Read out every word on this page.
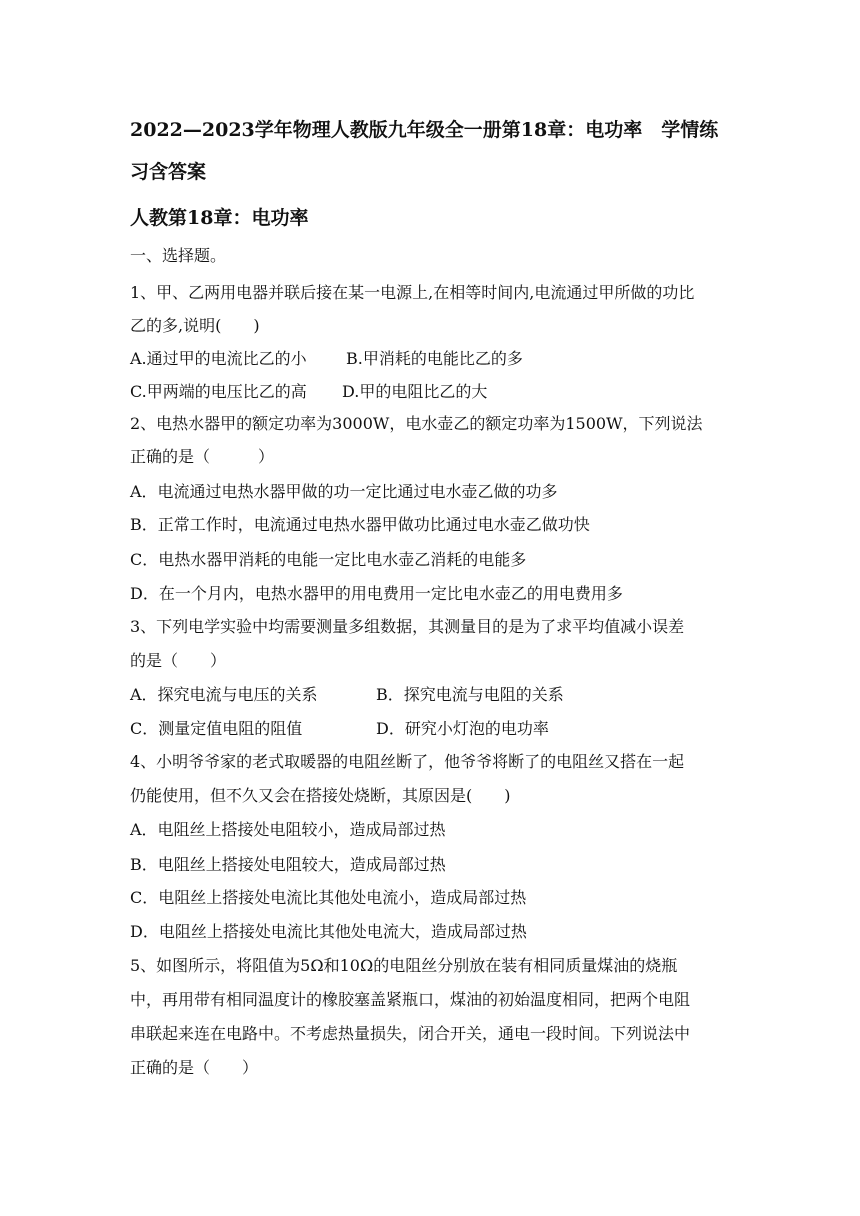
2022—2023学年物理人教版九年级全一册第18章：电功率　学情练
习含答案
人教第18章：电功率
一、选择题。
1、甲、乙两用电器并联后接在某一电源上,在相等时间内,电流通过甲所做的功比
乙的多,说明(　　)
A.通过甲的电流比乙的小 B.甲消耗的电能比乙的多
C.甲两端的电压比乙的高 D.甲的电阻比乙的大
2、电热水器甲的额定功率为3000W，电水壶乙的额定功率为1500W，下列说法
正确的是（　　　）
A．电流通过电热水器甲做的功一定比通过电水壶乙做的功多
B．正常工作时，电流通过电热水器甲做功比通过电水壶乙做功快
C．电热水器甲消耗的电能一定比电水壶乙消耗的电能多
D．在一个月内，电热水器甲的用电费用一定比电水壶乙的用电费用多
3、下列电学实验中均需要测量多组数据，其测量目的是为了求平均值减小误差
的是（　　）
A．探究电流与电压的关系	B．探究电流与电阻的关系
C．测量定值电阻的阻值	D．研究小灯泡的电功率
4、小明爷爷家的老式取暖器的电阻丝断了，他爷爷将断了的电阻丝又搭在一起
仍能使用，但不久又会在搭接处烧断，其原因是(　　)
A．电阻丝上搭接处电阻较小，造成局部过热
B．电阻丝上搭接处电阻较大，造成局部过热
C．电阻丝上搭接处电流比其他处电流小，造成局部过热
D．电阻丝上搭接处电流比其他处电流大，造成局部过热
5、如图所示，将阻值为5Ω和10Ω的电阻丝分别放在装有相同质量煤油的烧瓶
中，再用带有相同温度计的橡胶塞盖紧瓶口，煤油的初始温度相同，把两个电阻
串联起来连在电路中。不考虑热量损失，闭合开关，通电一段时间。下列说法中
正确的是（　　）
